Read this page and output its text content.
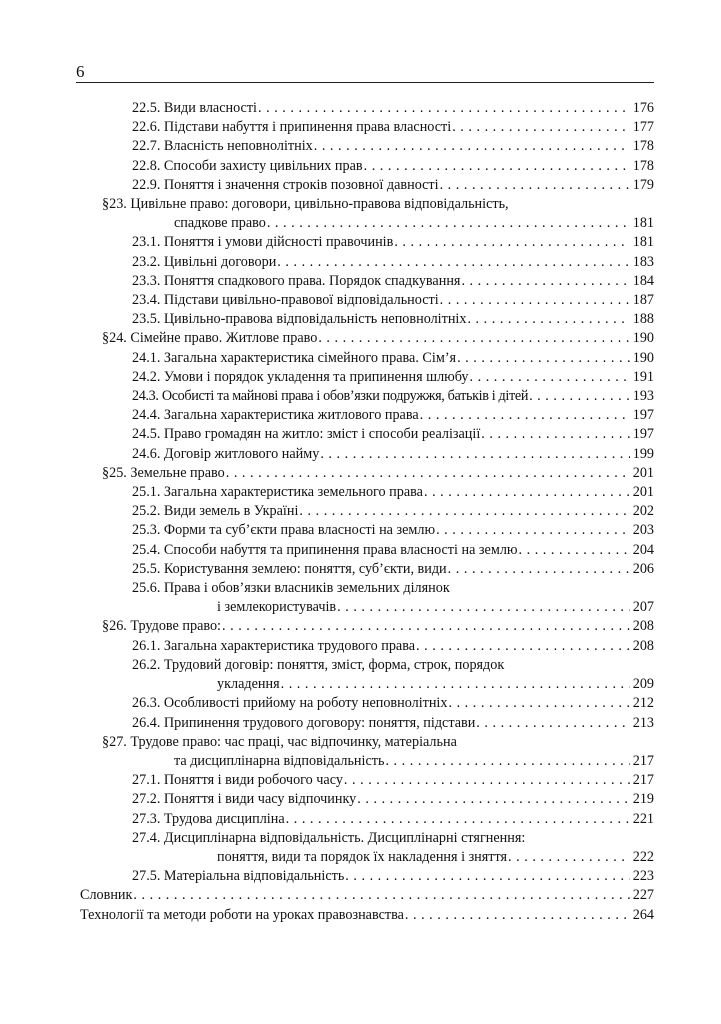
6
22.5. Види власності . . .	176
22.6. Підстави набуття і припинення права власності . . .	177
22.7. Власність неповнолітніх . . .	178
22.8. Способи захисту цивільних прав . . .	178
22.9. Поняття і значення строків позовної давності . . .	179
§23. Цивільне право: договори, цивільно-правова відповідальність,
спадкове право . . .	181
23.1. Поняття і умови дійсності правочинів . . .	181
23.2. Цивільні договори . . .	183
23.3. Поняття спадкового права. Порядок спадкування . . .	184
23.4. Підстави цивільно-правової відповідальності . . .	187
23.5. Цивільно-правова відповідальність неповнолітніх . . .	188
§24. Сімейне право. Житлове право . . .	190
24.1. Загальна характеристика сімейного права. Сім’я . . .	190
24.2. Умови і порядок укладення та припинення шлюбу . . .	191
24.3. Особисті та майнові права і обов’язки подружжя, батьків і дітей . . .	193
24.4. Загальна характеристика житлового права . . .	197
24.5. Право громадян на житло: зміст і способи реалізації . . .	197
24.6. Договір житлового найму . . .	199
§25. Земельне право . . .	201
25.1. Загальна характеристика земельного права . . .	201
25.2. Види земель в Україні . . .	202
25.3. Форми та суб’єкти права власності на землю . . .	203
25.4. Способи набуття та припинення права власності на землю . . .	204
25.5. Користування землею: поняття, суб’єкти, види . . .	206
25.6. Права і обов’язки власників земельних ділянок
і землекористувачів . . .	207
§26. Трудове право: . . .	208
26.1. Загальна характеристика трудового права . . .	208
26.2. Трудовий договір: поняття, зміст, форма, строк, порядок
укладення . . .	209
26.3. Особливості прийому на роботу неповнолітніх . . .	212
26.4. Припинення трудового договору: поняття, підстави . . .	213
§27. Трудове право: час праці, час відпочинку, матеріальна
та дисциплінарна відповідальність . . .	217
27.1. Поняття і види робочого часу . . .	217
27.2. Поняття і види часу відпочинку . . .	219
27.3. Трудова дисципліна . . .	221
27.4. Дисциплінарна відповідальність. Дисциплінарні стягнення:
поняття, види та порядок їх накладення і зняття . . .	222
27.5. Матеріальна відповідальність . . .	223
Словник . . .	227
Технології та методи роботи на уроках правознавства . . .	264
